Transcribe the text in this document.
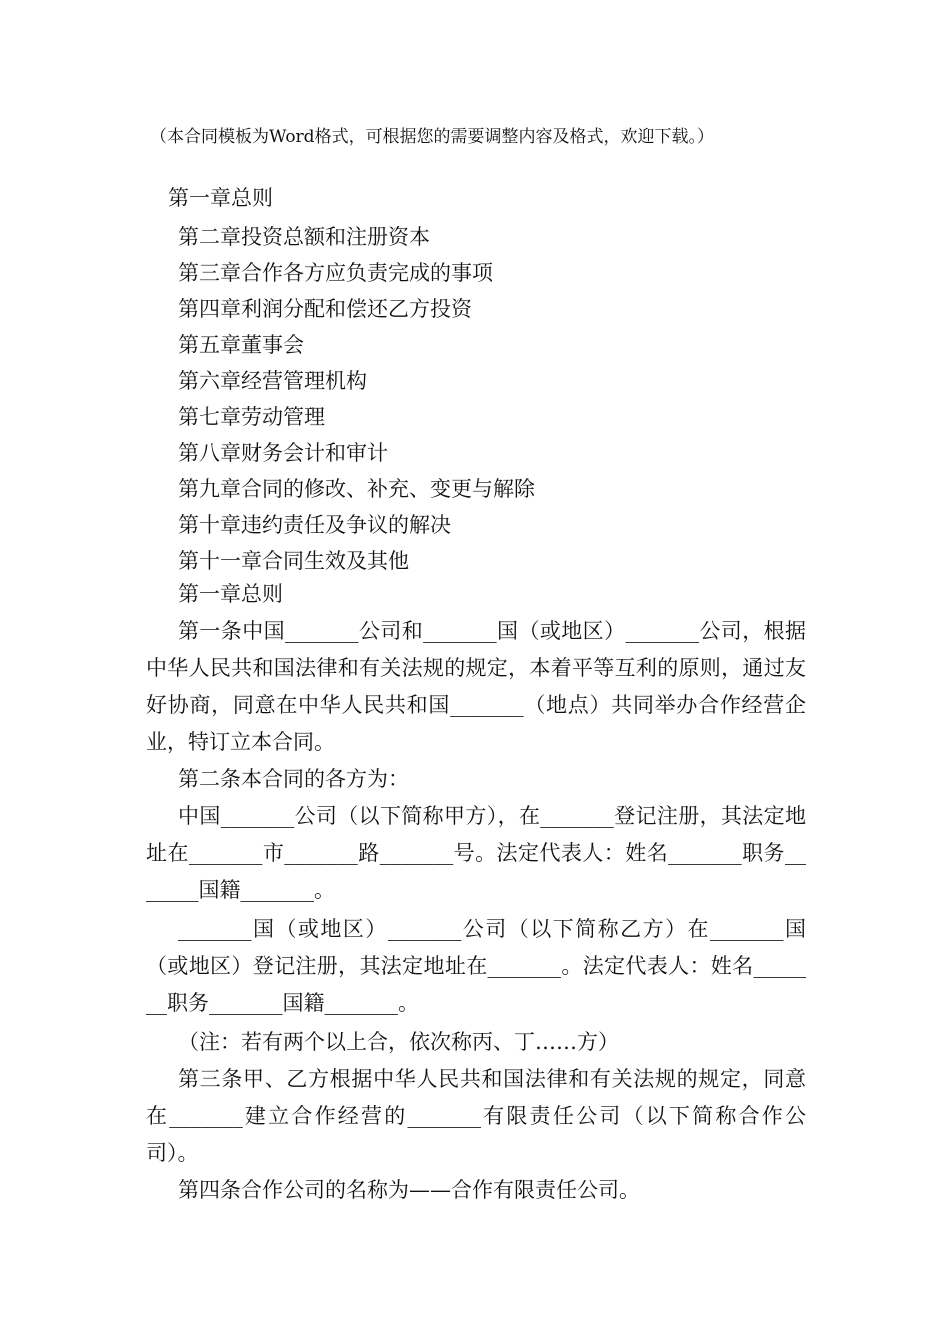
（本合同模板为Word格式，可根据您的需要调整内容及格式，欢迎下载。）
第一章总则
第二章投资总额和注册资本
第三章合作各方应负责完成的事项
第四章利润分配和偿还乙方投资
第五章董事会
第六章经营管理机构
第七章劳动管理
第八章财务会计和审计
第九章合同的修改、补充、变更与解除
第十章违约责任及争议的解决
第十一章合同生效及其他

第一章总则

第一条中国_______公司和_______国（或地区）_______公司，根据中华人民共和国法律和有关法规的规定，本着平等互利的原则，通过友好协商，同意在中华人民共和国_______（地点）共同举办合作经营企业，特订立本合同。

第二条本合同的各方为：

中国_______公司（以下简称甲方），在_______登记注册，其法定地址在_______市_______路_______号。法定代表人：姓名_______职务_______国籍_______。

_______国（或地区）_______公司（以下简称乙方）在_______国（或地区）登记注册，其法定地址在_______。法定代表人：姓名_______职务_______国籍_______。

（注：若有两个以上合，依次称丙、丁……方）

第三条甲、乙方根据中华人民共和国法律和有关法规的规定，同意在_______建立合作经营的_______有限责任公司（以下简称合作公司）。

第四条合作公司的名称为——合作有限责任公司。
